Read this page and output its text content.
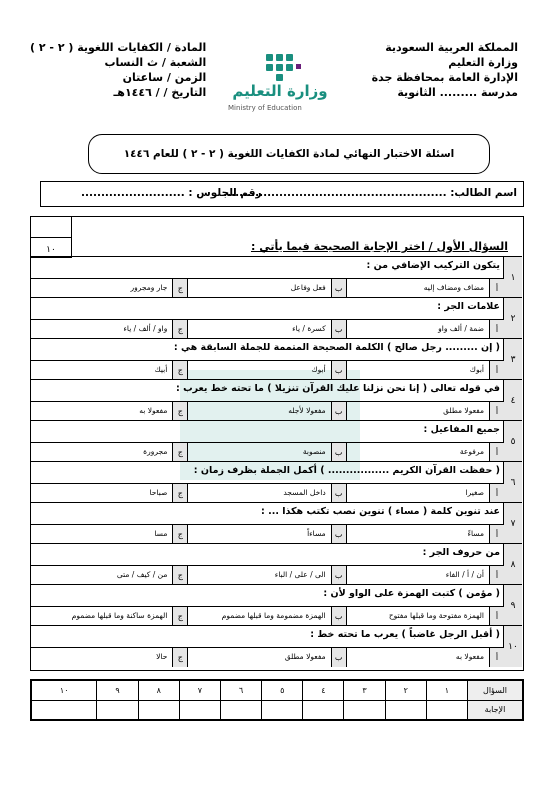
المملكة العربية السعودية
وزارة التعليم
الإدارة العامة بمحافظة جدة
مدرسة ......... الثانوية
المادة / الكفايات اللغوية ( ٢ - ٢ )
الشعبة / ث النساب
الزمن / ساعتان
التاريخ / / ١٤٤٦هـ	وزارة التعليم
Ministry of Education
اسئلة الاختبار النهائي لمادة الكفايات اللغوية ( ٢ - ٢ ) للعام ١٤٤٦
اسم الطالب: ........................................................
رقم الجلوس : ..........................
١٠	السؤال الأول / اختر الإجابة الصحيحة فيما يأتي :
١
يتكون التركيب الإضافي من :
أ
مضاف ومضاف إليه
ب
فعل وفاعل
ج
جار ومجرور
٢
علامات الجر :
أ
ضمة / ألف واو
ب
كسرة / ياء
ج
واو / ألف / ياء
٣
( إن ......... رجل صالح ) الكلمة الصحيحة المتممة للجملة السابقة هي :
أ
أبوك
ب
أبوك
ج
أبيك
٤
في قوله تعالى ( إنا نحن نزلنا عليك القرآن تنزيلا ) ما تحته خط يعرب :
أ
مفعولا مطلق
ب
مفعولا لأجله
ج
مفعولا به
٥
جميع المفاعيل :
أ
مرفوعة
ب
منصوبة
ج
مجرورة
٦
( حفظت القرآن الكريم ................. ) أكمل الجملة بظرف زمان :
أ
صغيرا
ب
داخل المسجد
ج
صباحا
٧
عند تنوين كلمة ( مساء ) تنوين نصب تكتب هكذا ... :
أ
مساءً
ب
مساءاً
ج
مسا
٨
من حروف الجر :
أ
أن / أ / الفاء
ب
الى / على / الباء
ج
من / كيف / متى
٩
( مؤمن ) كتبت الهمزة على الواو لأن :
أ
الهمزة مفتوحة وما قبلها مفتوح
ب
الهمزة مضمومة وما قبلها مضموم
ج
الهمزة ساكنة وما قبلها مضموم
١٠
( أقبل الرجل غاضباً ) يعرب ما تحته خط :
أ
مفعولا به
ب
مفعولا مطلق
ج
حالا
السؤال	١	٢	٣	٤	٥	٦	٧	٨	٩	١٠
الإجابة										
